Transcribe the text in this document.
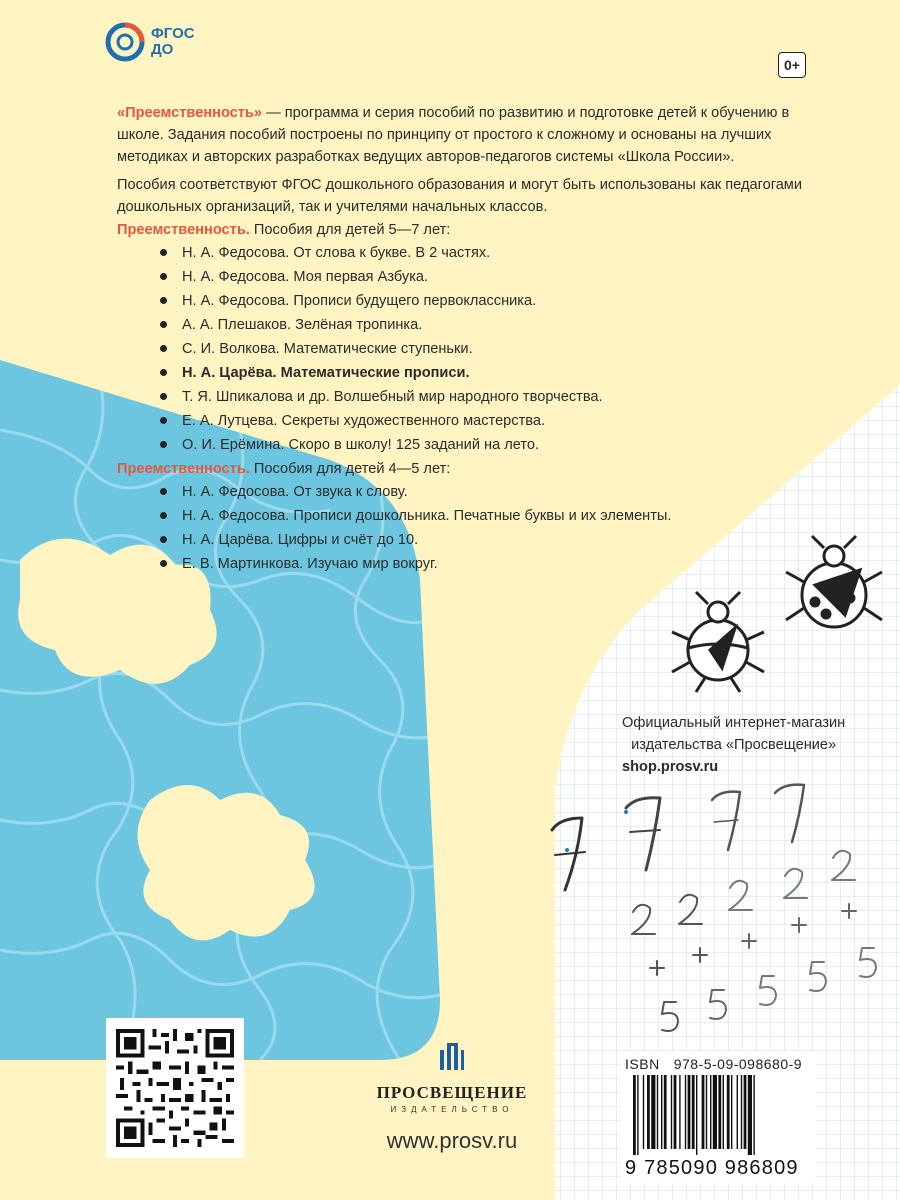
ФГОС
ДО
0+

«Преемственность» — программа и серия пособий по развитию и подготовке детей к обучению в школе. Задания пособий построены по принципу от простого к сложному и основаны на лучших методиках и авторских разработках ведущих авторов-педагогов системы «Школа России».

Пособия соответствуют ФГОС дошкольного образования и могут быть использованы как педагогами дошкольных организаций, так и учителями начальных классов.

Преемственность. Пособия для детей 5—7 лет:
Н. А. Федосова. От слова к букве. В 2 частях.
Н. А. Федосова. Моя первая Азбука.
Н. А. Федосова. Прописи будущего первоклассника.
А. А. Плешаков. Зелёная тропинка.
С. И. Волкова. Математические ступеньки.
Н. А. Царёва. Математические прописи.
Т. Я. Шпикалова и др. Волшебный мир народного творчества.
Е. А. Лутцева. Секреты художественного мастерства.
О. И. Ерёмина. Скоро в школу! 125 заданий на лето.
Преемственность. Пособия для детей 4—5 лет:
Н. А. Федосова. От звука к слову.
Н. А. Федосова. Прописи дошкольника. Печатные буквы и их элементы.
Н. А. Царёва. Цифры и счёт до 10.
Е. В. Мартинкова. Изучаю мир вокруг.
Официальный интернет-магазин
издательства «Просвещение»
shop.prosv.ru
ПРОСВЕЩЕНИЕ
ИЗДАТЕЛЬСТВО
www.prosv.ru
ISBN 978-5-09-098680-9
9 785090 986809
